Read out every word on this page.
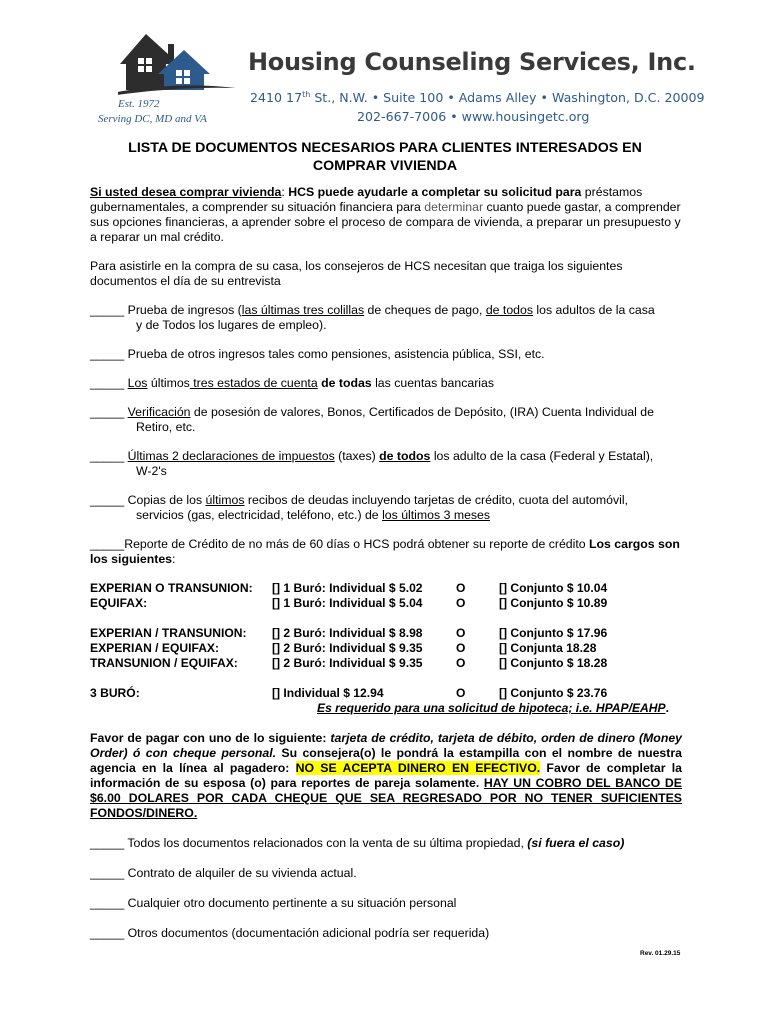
Housing Counseling Services, Inc.
Est. 1972
Serving DC, MD and VA
2410 17th St., N.W. • Suite 100 • Adams Alley • Washington, D.C. 20009
202-667-7006 • www.housingetc.org
LISTA DE DOCUMENTOS NECESARIOS PARA CLIENTES INTERESADOS EN COMPRAR VIVIENDA

Si usted desea comprar vivienda: HCS puede ayudarle a completar su solicitud para préstamos gubernamentales, a comprender su situación financiera para determinar cuanto puede gastar, a comprender sus opciones financieras, a aprender sobre el proceso de compara de vivienda, a preparar un presupuesto y a reparar un mal crédito.

Para asistirle en la compra de su casa, los consejeros de HCS necesitan que traiga los siguientes documentos el día de su entrevista

_____ Prueba de ingresos (las últimas tres colillas de cheques de pago, de todos los adultos de la casa

y de Todos los lugares de empleo).

_____ Prueba de otros ingresos tales como pensiones, asistencia pública, SSI, etc.

_____ Los últimos tres estados de cuenta de todas las cuentas bancarias

_____ Verificación de posesión de valores, Bonos, Certificados de Depósito, (IRA) Cuenta Individual de

Retiro, etc.

_____ Últimas 2 declaraciones de impuestos (taxes) de todos los adulto de la casa (Federal y Estatal),

W-2's

_____ Copias de los últimos recibos de deudas incluyendo tarjetas de crédito, cuota del automóvil,

servicios (gas, electricidad, teléfono, etc.) de los últimos 3 meses

_____Reporte de Crédito de no más de 60 días o HCS podrá obtener su reporte de crédito Los cargos son los siguientes:

EXPERIAN O TRANSUNION:	[] 1 Buró: Individual $ 5.02	O	[] Conjunto $ 10.04
EQUIFAX:	[] 1 Buró: Individual $ 5.04	O	[] Conjunto $ 10.89
EXPERIAN / TRANSUNION:	[] 2 Buró: Individual $ 8.98	O	[] Conjunto $ 17.96
EXPERIAN / EQUIFAX:	[] 2 Buró: Individual $ 9.35	O	[] Conjunta 18.28
TRANSUNION / EQUIFAX:	[] 2 Buró: Individual $ 9.35	O	[] Conjunto $ 18.28
3 BURÓ:	[] Individual $ 12.94	O	[] Conjunto $ 23.76

Es requerido para una solicitud de hipoteca; i.e. HPAP/EAHP.

Favor de pagar con uno de lo siguiente: tarjeta de crédito, tarjeta de débito, orden de dinero (Money Order) ó con cheque personal. Su consejera(o) le pondrá la estampilla con el nombre de nuestra agencia en la línea al pagadero: NO SE ACEPTA DINERO EN EFECTIVO. Favor de completar la información de su esposa (o) para reportes de pareja solamente. HAY UN COBRO DEL BANCO DE $6.00 DOLARES POR CADA CHEQUE QUE SEA REGRESADO POR NO TENER SUFICIENTES FONDOS/DINERO.

_____ Todos los documentos relacionados con la venta de su última propiedad, (si fuera el caso)

_____ Contrato de alquiler de su vivienda actual.

_____ Cualquier otro documento pertinente a su situación personal

_____ Otros documentos (documentación adicional podría ser requerida)

Rev. 01.29.15
